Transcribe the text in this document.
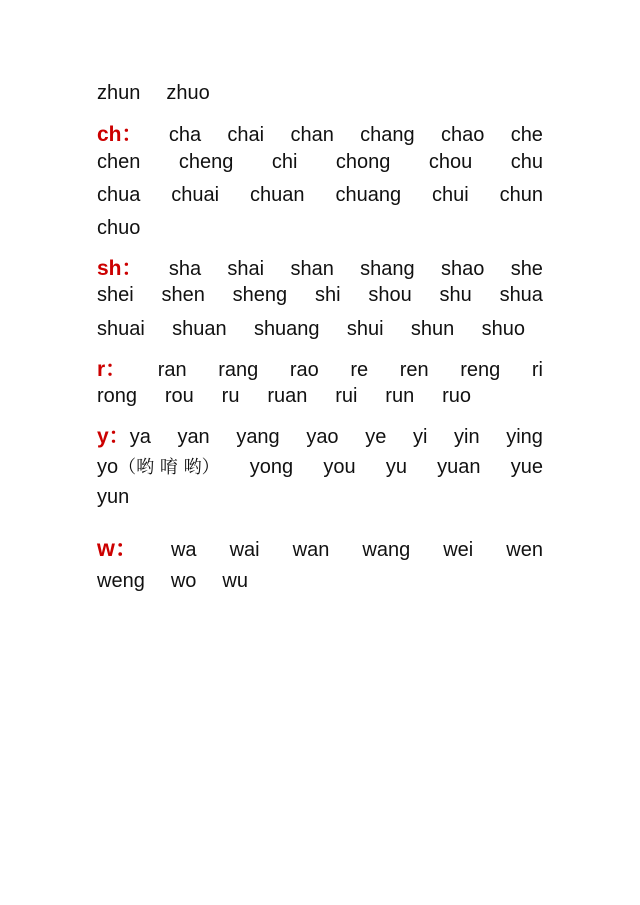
zhun zhuo
ch： cha chai chan chang chao che
chen cheng chi chong chou chu
chua chuai chuan chuang chui chun
chuo
sh： sha shai shan shang shao she
shei shen sheng shi shou shu shua
shuai shuan shuang shui shun shuo
r： ran rang rao re ren reng ri
rong rou ru ruan rui run ruo
y：ya yan yang yao ye yi yin ying
yo（哟 唷 哟） yong you yu yuan yue
yun
w： wa wai wan wang wei wen
weng wo wu
